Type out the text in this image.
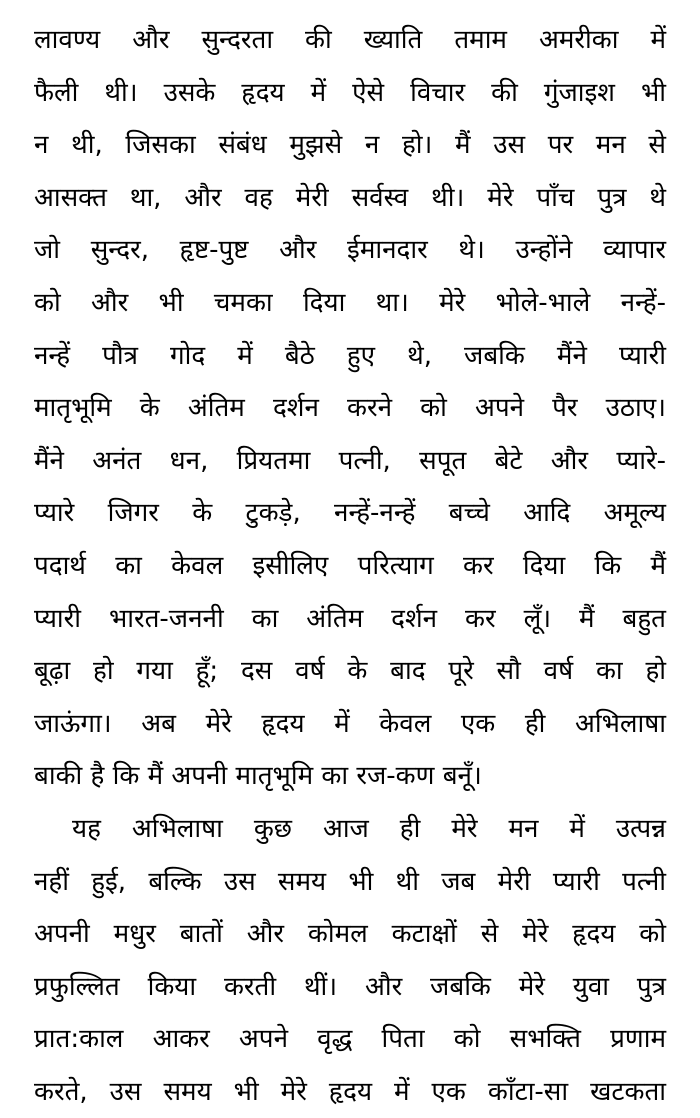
लावण्य और सुन्दरता की ख्याति तमाम अमरीका में
फैली थी। उसके हृदय में ऐसे विचार की गुंजाइश भी
न थी, जिसका संबंध मुझसे न हो। मैं उस पर मन से
आसक्त था, और वह मेरी सर्वस्व थी। मेरे पाँच पुत्र थे
जो सुन्दर, हृष्ट-पुष्ट और ईमानदार थे। उन्होंने व्यापार
को और भी चमका दिया था। मेरे भोले-भाले नन्हें-
नन्हें पौत्र गोद में बैठे हुए थे, जबकि मैंने प्यारी
मातृभूमि के अंतिम दर्शन करने को अपने पैर उठाए।
मैंने अनंत धन, प्रियतमा पत्नी, सपूत बेटे और प्यारे-
प्यारे जिगर के टुकड़े, नन्हें-नन्हें बच्चे आदि अमूल्य
पदार्थ का केवल इसीलिए परित्याग कर दिया कि मैं
प्यारी भारत-जननी का अंतिम दर्शन कर लूँ। मैं बहुत
बूढ़ा हो गया हूँ; दस वर्ष के बाद पूरे सौ वर्ष का हो
जाऊंगा। अब मेरे हृदय में केवल एक ही अभिलाषा
बाकी है कि मैं अपनी मातृभूमि का रज-कण बनूँ।

यह अभिलाषा कुछ आज ही मेरे मन में उत्पन्न
नहीं हुई, बल्कि उस समय भी थी जब मेरी प्यारी पत्नी
अपनी मधुर बातों और कोमल कटाक्षों से मेरे हृदय को
प्रफुल्लित किया करती थीं। और जबकि मेरे युवा पुत्र
प्रात:काल आकर अपने वृद्ध पिता को सभक्ति प्रणाम
करते, उस समय भी मेरे हृदय में एक काँटा-सा खटकता
